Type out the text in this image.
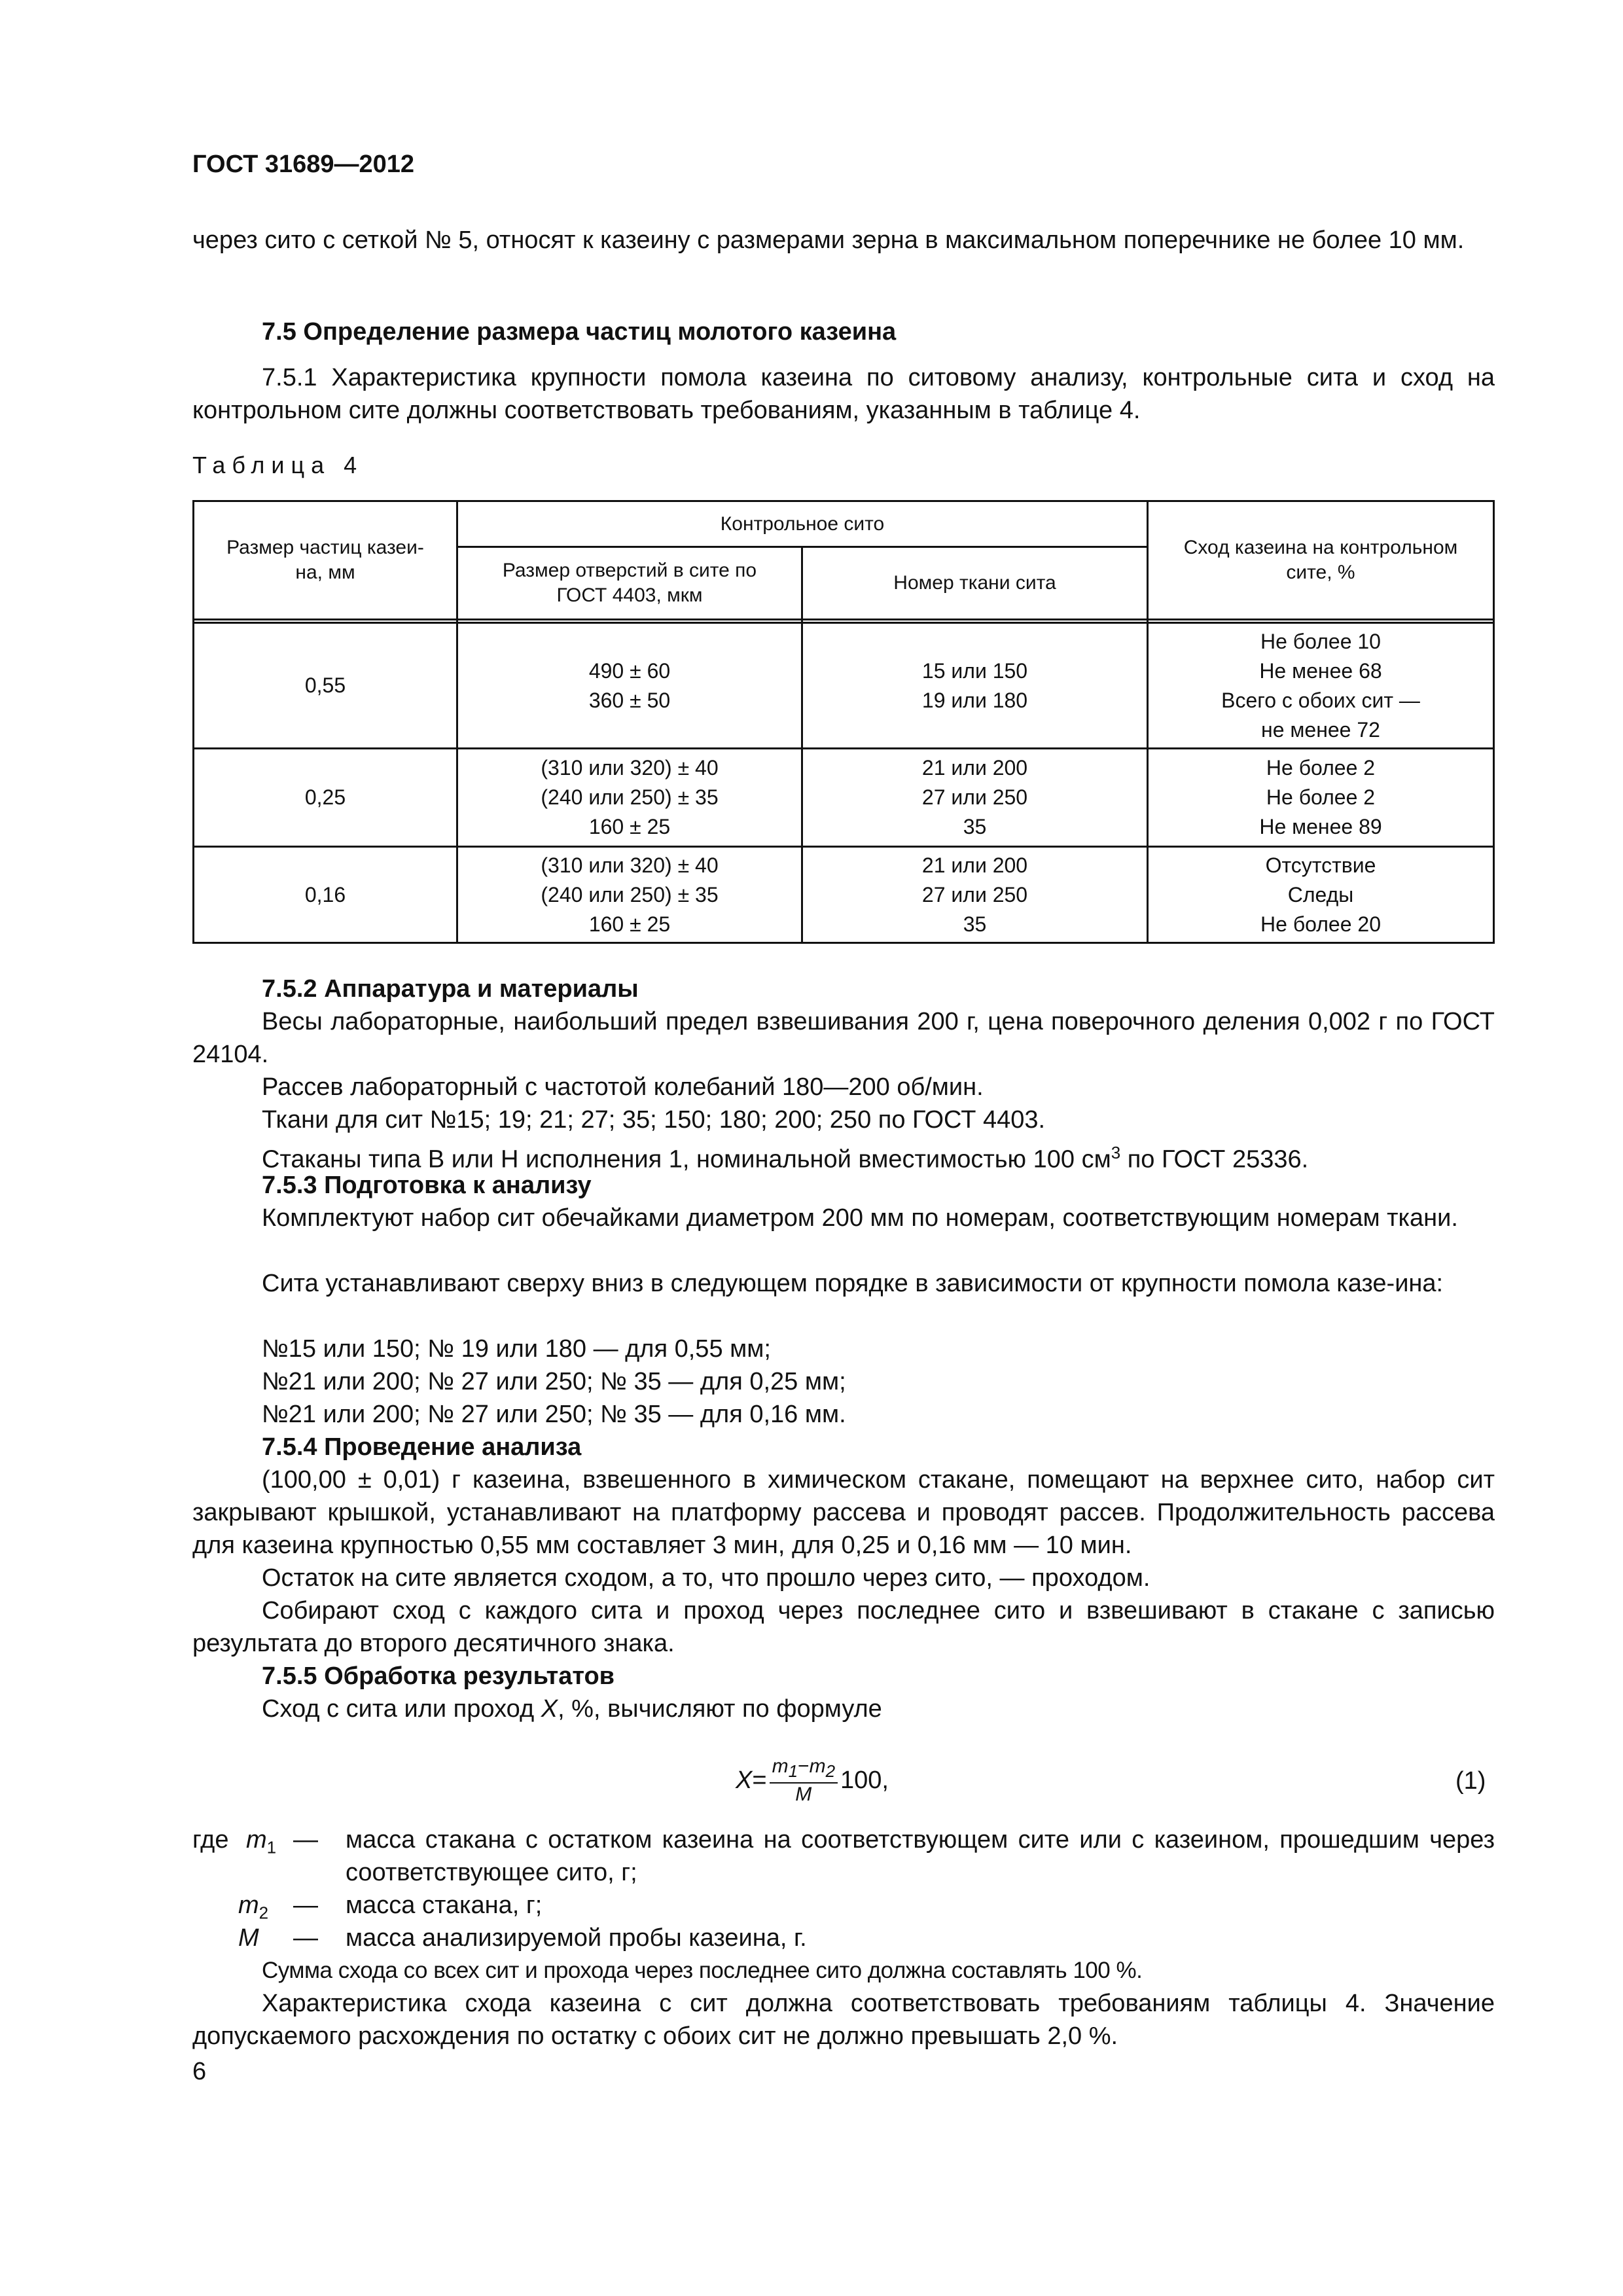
ГОСТ 31689—2012
через сито с сеткой № 5, относят к казеину с размерами зерна в максимальном поперечнике не более 10 мм.
7.5 Определение размера частиц молотого казеина
7.5.1 Характеристика крупности помола казеина по ситовому анализу, контрольные сита и сход на контрольном сите должны соответствовать требованиям, указанным в таблице 4.
Таблица 4
Размер частиц казеи-
на, мм
Контрольное сито
Размер отверстий в сите по
ГОСТ 4403, мкм
Номер ткани сита
Сход казеина на контрольном
сите, %
0,55
490 ± 60
360 ± 50
15 или 150
19 или 180
Не более 10
Не менее 68
Всего с обоих сит —
не менее 72
0,25
(310 или 320) ± 40
(240 или 250) ± 35
160 ± 25
21 или 200
27 или 250
35
Не более 2
Не более 2
Не менее 89
0,16
(310 или 320) ± 40
(240 или 250) ± 35
160 ± 25
21 или 200
27 или 250
35
Отсутствие
Следы
Не более 20
7.5.2 Аппаратура и материалы
Весы лабораторные, наибольший предел взвешивания 200 г, цена поверочного деления 0,002 г по ГОСТ 24104.
Рассев лабораторный с частотой колебаний 180—200 об/мин.
Ткани для сит №15; 19; 21; 27; 35; 150; 180; 200; 250 по ГОСТ 4403.
Стаканы типа В или Н исполнения 1, номинальной вместимостью 100 $см^3$ по ГОСТ 25336.
7.5.3 Подготовка к анализу
Комплектуют набор сит обечайками диаметром 200 мм по номерам, соответствующим номерам ткани.
Сита устанавливают сверху вниз в следующем порядке в зависимости от крупности помола казе-ина:
№15 или 150; № 19 или 180 — для 0,55 мм;
№21 или 200; № 27 или 250; № 35 — для 0,25 мм;
№21 или 200; № 27 или 250; № 35 — для 0,16 мм.
7.5.4 Проведение анализа
(100,00 ± 0,01) г казеина, взвешенного в химическом стакане, помещают на верхнее сито, набор сит закрывают крышкой, устанавливают на платформу рассева и проводят рассев. Продолжительность рассева для казеина крупностью 0,55 мм составляет 3 мин, для 0,25 и 0,16 мм — 10 мин.
Остаток на сите является сходом, а то, что прошло через сито, — проходом.
Собирают сход с каждого сита и проход через последнее сито и взвешивают в стакане с записью результата до второго десятичного знака.
7.5.5 Обработка результатов
Сход с сита или проход X, %, вычисляют по формуле
$X = \frac{m_1-m_2}{M} 100$,	(1)
где $m_1$ — масса стакана с остатком казеина на соответствующем сите или с казеином, прошедшим через соответствующее сито, г;
$m_2$ — масса стакана, г;
M — масса анализируемой пробы казеина, г.
Сумма схода со всех сит и прохода через последнее сито должна составлять 100 %.
Характеристика схода казеина с сит должна соответствовать требованиям таблицы 4. Значение допускаемого расхождения по остатку с обоих сит не должно превышать 2,0 %.
6
